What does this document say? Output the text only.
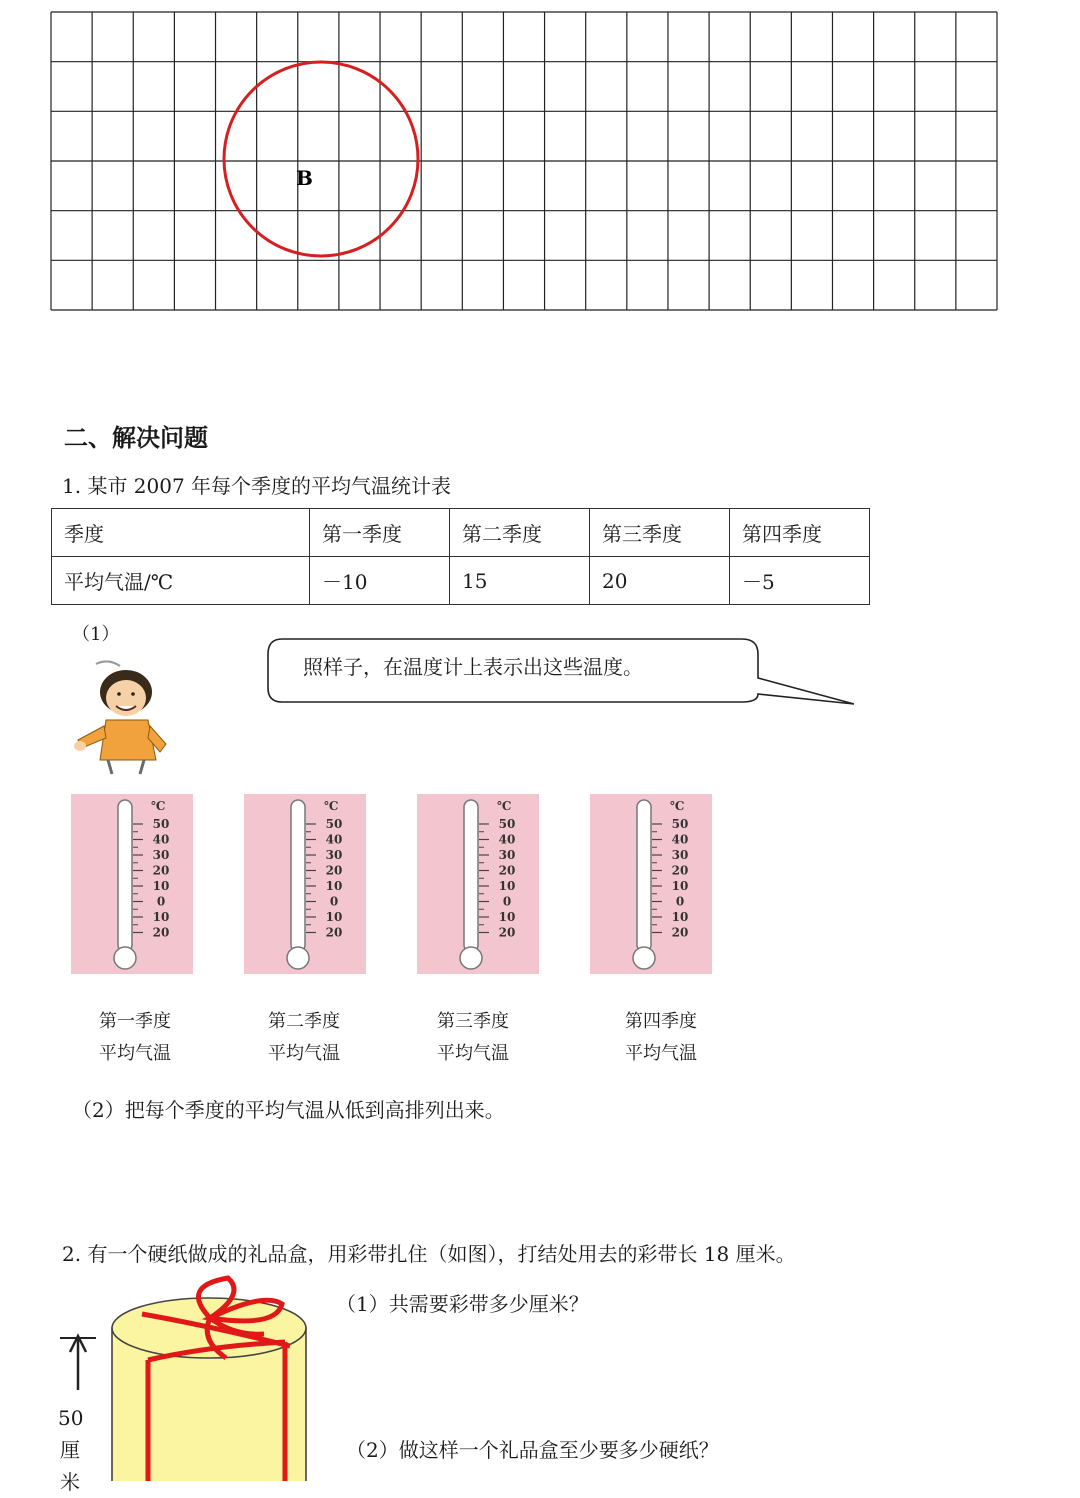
B
二、解决问题
1. 某市 2007 年每个季度的平均气温统计表
季度	第一季度	第二季度	第三季度	第四季度
平均气温/℃	－10	15	20	－5
（1）
照样子，在温度计上表示出这些温度。
℃
50
40
30
20
10
0
10
20
℃
50
40
30
20
10
0
10
20
℃
50
40
30
20
10
0
10
20
℃
50
40
30
20
10
0
10
20
第一季度
平均气温
第二季度
平均气温
第三季度
平均气温
第四季度
平均气温
（2）把每个季度的平均气温从低到高排列出来。
2. 有一个硬纸做成的礼品盒，用彩带扎住（如图），打结处用去的彩带长 18 厘米。
（1）共需要彩带多少厘米？
（2）做这样一个礼品盒至少要多少硬纸？
50
厘
米
